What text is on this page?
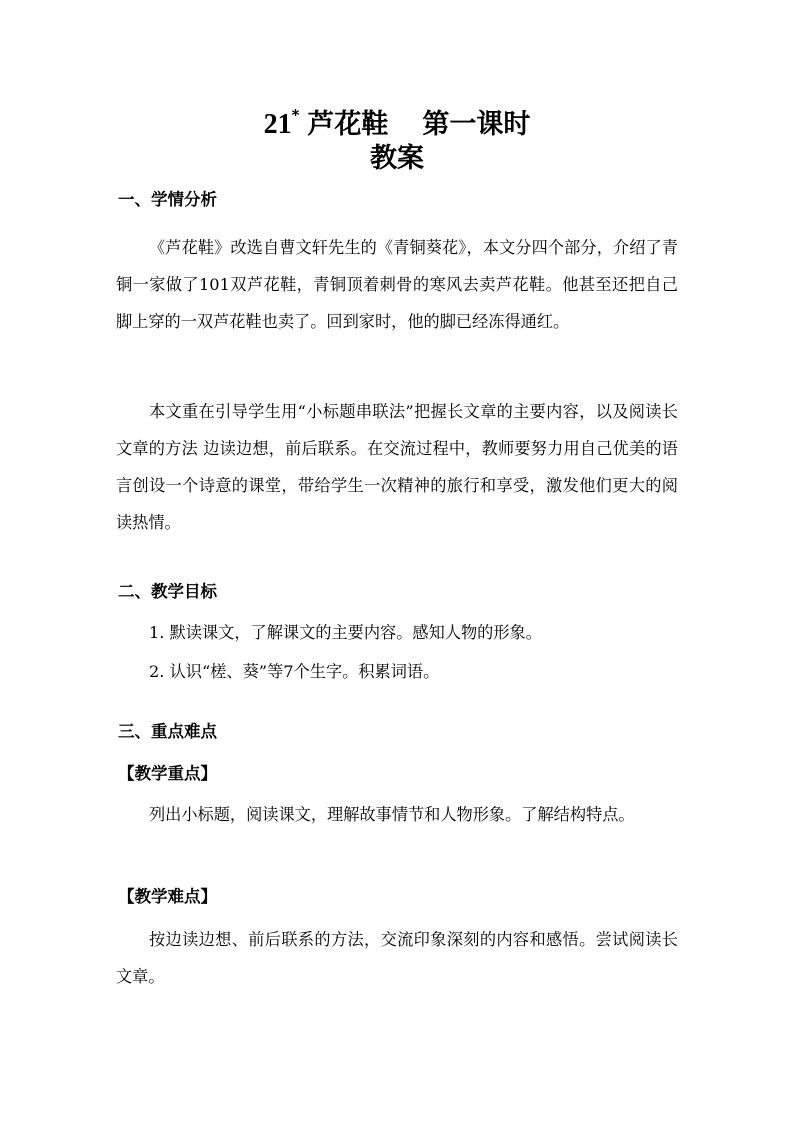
21* 芦花鞋 第一课时
教案
一、学情分析
《芦花鞋》改选自曹文轩先生的《青铜葵花》，本文分四个部分，介绍了青铜一家做了101双芦花鞋，青铜顶着刺骨的寒风去卖芦花鞋。他甚至还把自己脚上穿的一双芦花鞋也卖了。回到家时，他的脚已经冻得通红。
本文重在引导学生用“小标题串联法”把握长文章的主要内容，以及阅读长文章的方法 边读边想，前后联系。在交流过程中，教师要努力用自己优美的语言创设一个诗意的课堂，带给学生一次精神的旅行和享受，激发他们更大的阅读热情。
二、教学目标
1. 默读课文，了解课文的主要内容。感知人物的形象。
2. 认识“槎、葵”等7个生字。积累词语。
三、重点难点
【教学重点】
列出小标题，阅读课文，理解故事情节和人物形象。了解结构特点。
【教学难点】
按边读边想、前后联系的方法，交流印象深刻的内容和感悟。尝试阅读长文章。
